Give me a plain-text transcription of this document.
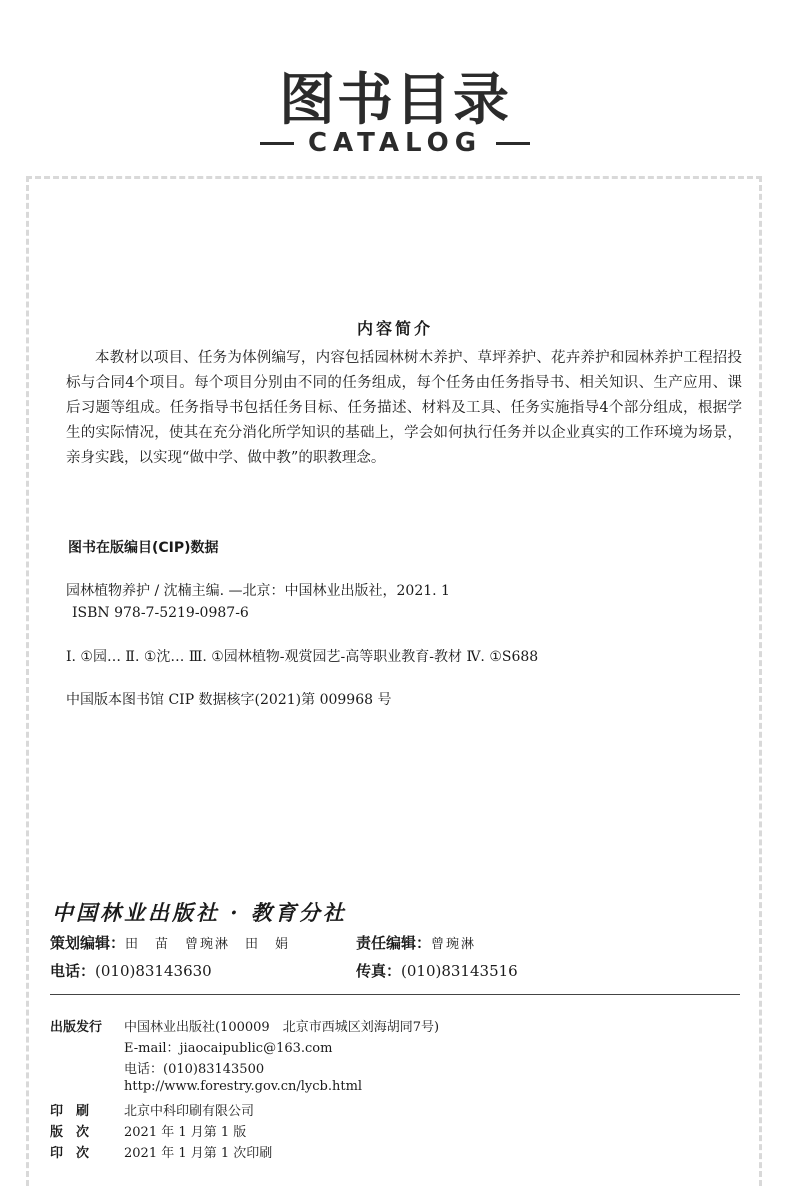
图书目录
CATALOG
内容简介
本教材以项目、任务为体例编写，内容包括园林树木养护、草坪养护、花卉养护和园林养护工程招投标与合同4个项目。每个项目分别由不同的任务组成，每个任务由任务指导书、相关知识、生产应用、课后习题等组成。任务指导书包括任务目标、任务描述、材料及工具、任务实施指导4个部分组成，根据学生的实际情况，使其在充分消化所学知识的基础上，学会如何执行任务并以企业真实的工作环境为场景，亲身实践，以实现“做中学、做中教”的职教理念。
图书在版编目(CIP)数据
园林植物养护 / 沈楠主编. —北京：中国林业出版社，2021. 1
ISBN 978-7-5219-0987-6
Ⅰ. ①园… Ⅱ. ①沈… Ⅲ. ①园林植物-观赏园艺-高等职业教育-教材 Ⅳ. ①S688
中国版本图书馆 CIP 数据核字(2021)第 009968 号
中国林业出版社 · 教育分社
策划编辑：田　苗　曾琬淋　田　娟	责任编辑：曾琬淋
电话：(010)83143630	传真：(010)83143516
出版发行 中国林业出版社(100009　北京市西城区刘海胡同7号)
E-mail：jiaocaipublic@163.com
电话：(010)83143500
http://www.forestry.gov.cn/lycb.html
印刷 北京中科印刷有限公司
版次 2021 年 1 月第 1 版
印次 2021 年 1 月第 1 次印刷
